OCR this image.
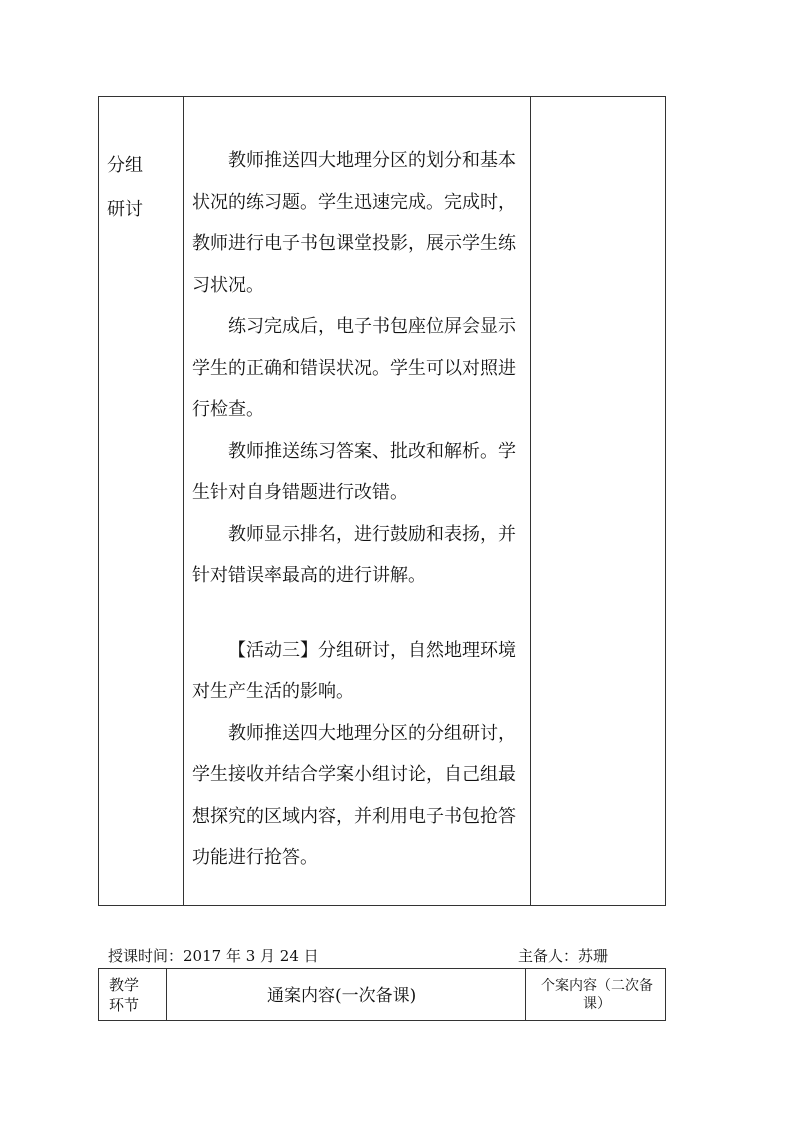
分组
研讨

教师推送四大地理分区的划分和基本状况的练习题。学生迅速完成。完成时，教师进行电子书包课堂投影，展示学生练习状况。

练习完成后，电子书包座位屏会显示学生的正确和错误状况。学生可以对照进行检查。

教师推送练习答案、批改和解析。学生针对自身错题进行改错。

教师显示排名，进行鼓励和表扬，并针对错误率最高的进行讲解。

【活动三】分组研讨，自然地理环境对生产生活的影响。

教师推送四大地理分区的分组研讨，学生接收并结合学案小组讨论，自己组最想探究的区域内容，并利用电子书包抢答功能进行抢答。

授课时间：2017 年 3 月 24 日	主备人：苏珊
教学
环节	通案内容(一次备课)	个案内容（二次备课）
